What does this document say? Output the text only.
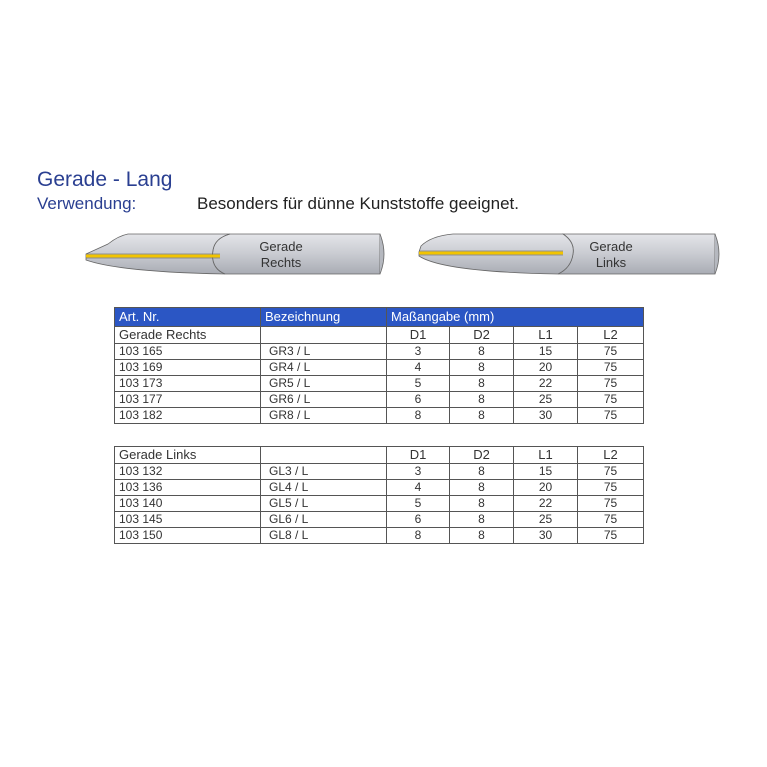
Gerade - Lang
Verwendung:	Besonders für dünne Kunststoffe geeignet.
Gerade
Rechts
Gerade
Links
Art. Nr.	Bezeichnung	Maßangabe (mm)			
Gerade Rechts		D1	D2	L1	L2
103 165	GR3 / L	3	8	15	75
103 169	GR4 / L	4	8	20	75
103 173	GR5 / L	5	8	22	75
103 177	GR6 / L	6	8	25	75
103 182	GR8 / L	8	8	30	75
Gerade Links		D1	D2	L1	L2
103 132	GL3 / L	3	8	15	75
103 136	GL4 / L	4	8	20	75
103 140	GL5 / L	5	8	22	75
103 145	GL6 / L	6	8	25	75
103 150	GL8 / L	8	8	30	75
